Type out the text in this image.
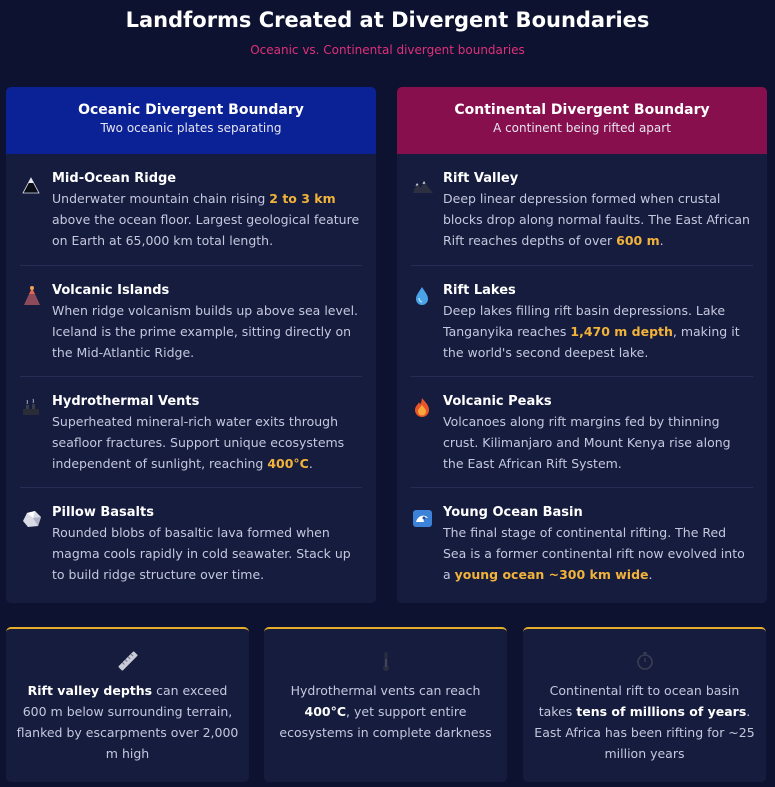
Landforms Created at Divergent Boundaries
Oceanic vs. Continental divergent boundaries
Oceanic Divergent Boundary
Two oceanic plates separating
Mid-Ocean Ridge
Underwater mountain chain rising 2 to 3 km above the ocean floor. Largest geological feature on Earth at 65,000 km total length.
Volcanic Islands
When ridge volcanism builds up above sea level. Iceland is the prime example, sitting directly on the Mid-Atlantic Ridge.
Hydrothermal Vents
Superheated mineral-rich water exits through seafloor fractures. Support unique ecosystems independent of sunlight, reaching 400°C.
Pillow Basalts
Rounded blobs of basaltic lava formed when magma cools rapidly in cold seawater. Stack up to build ridge structure over time.
Continental Divergent Boundary
A continent being rifted apart
Rift Valley
Deep linear depression formed when crustal blocks drop along normal faults. The East African Rift reaches depths of over 600 m.
Rift Lakes
Deep lakes filling rift basin depressions. Lake Tanganyika reaches 1,470 m depth, making it the world's second deepest lake.
Volcanic Peaks
Volcanoes along rift margins fed by thinning crust. Kilimanjaro and Mount Kenya rise along the East African Rift System.
Young Ocean Basin
The final stage of continental rifting. The Red Sea is a former continental rift now evolved into a young ocean ~300 km wide.
Rift valley depths can exceed 600 m below surrounding terrain, flanked by escarpments over 2,000 m high
Hydrothermal vents can reach 400°C, yet support entire ecosystems in complete darkness
Continental rift to ocean basin takes tens of millions of years. East Africa has been rifting for ~25 million years
